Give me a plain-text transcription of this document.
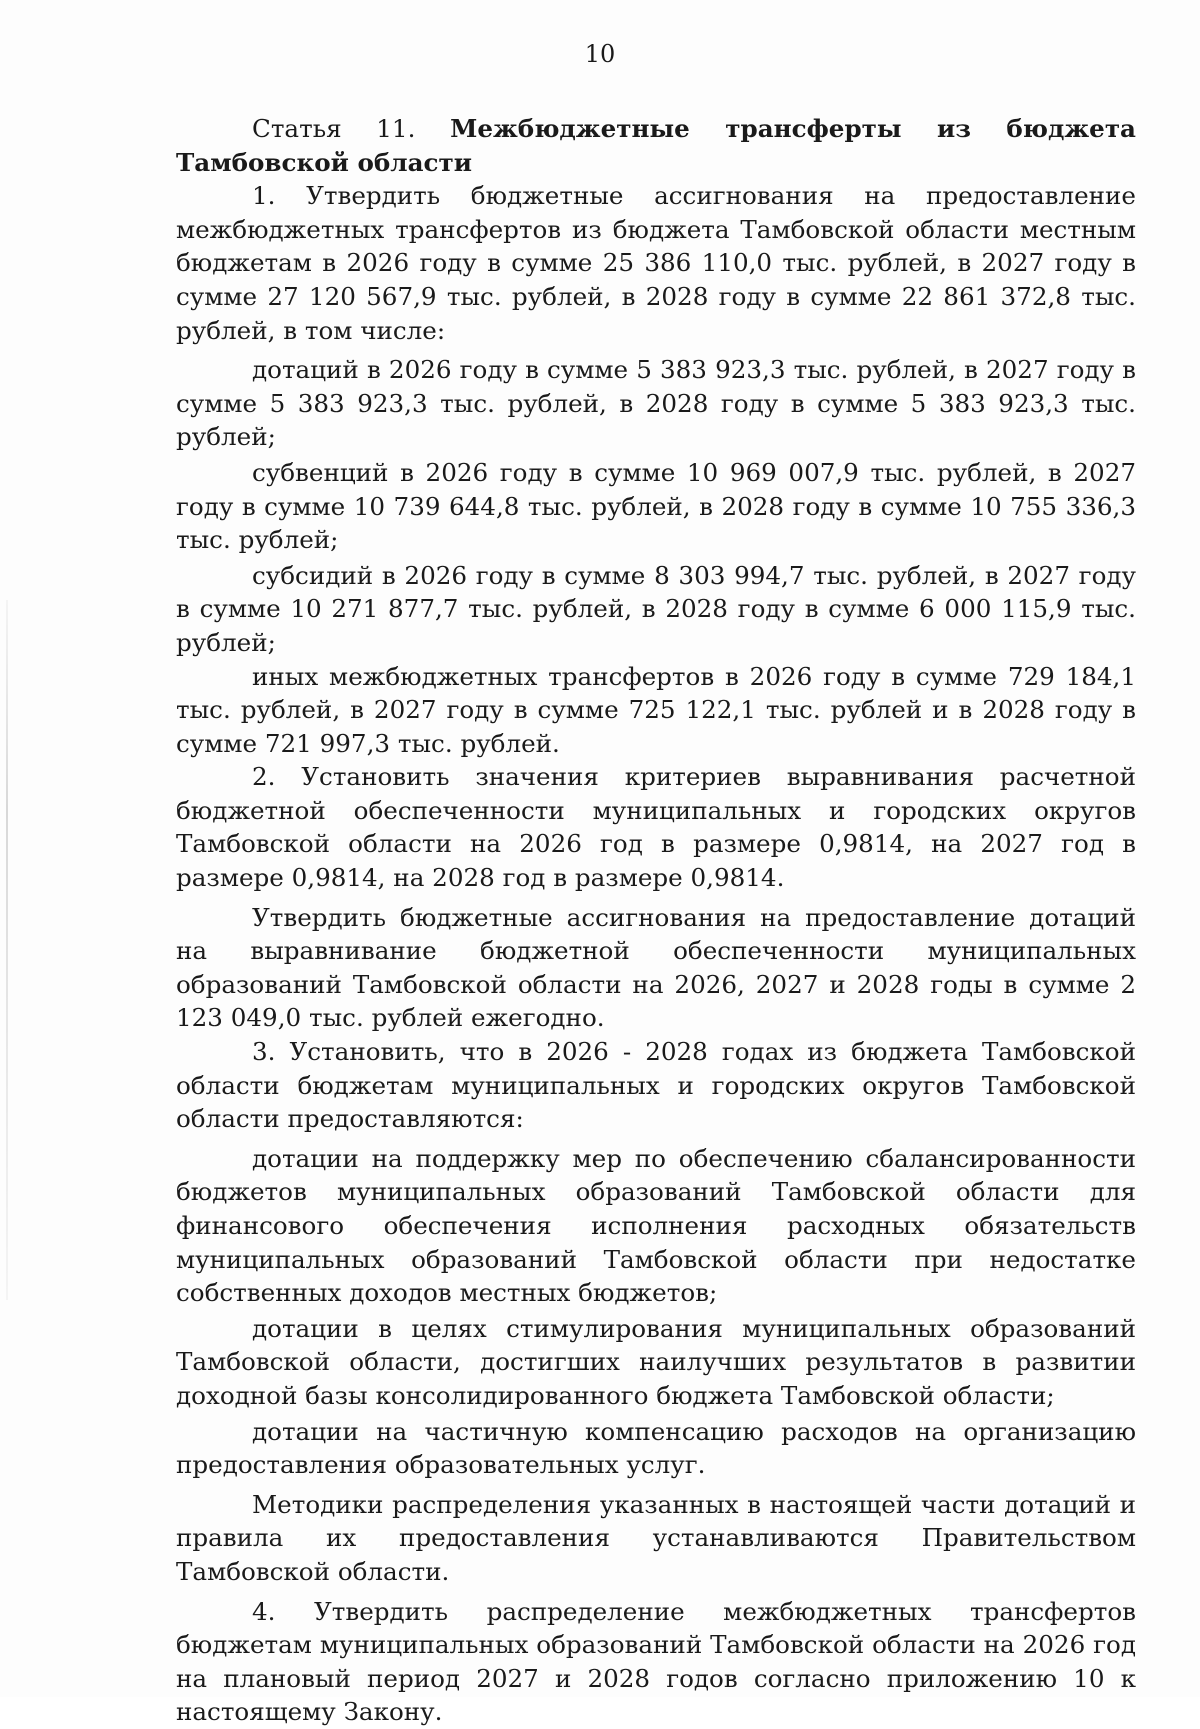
10

Статья 11. Межбюджетные трансферты из бюджета Тамбовской области

1. Утвердить бюджетные ассигнования на предоставление межбюджетных трансфертов из бюджета Тамбовской области местным бюджетам в 2026 году в сумме 25 386 110,0 тыс. рублей, в 2027 году в сумме 27 120 567,9 тыс. рублей, в 2028 году в сумме 22 861 372,8 тыс. рублей, в том числе:

дотаций в 2026 году в сумме 5 383 923,3 тыс. рублей, в 2027 году в сумме 5 383 923,3 тыс. рублей, в 2028 году в сумме 5 383 923,3 тыс. рублей;

субвенций в 2026 году в сумме 10 969 007,9 тыс. рублей, в 2027 году в сумме 10 739 644,8 тыс. рублей, в 2028 году в сумме 10 755 336,3 тыс. рублей;

субсидий в 2026 году в сумме 8 303 994,7 тыс. рублей, в 2027 году в сумме 10 271 877,7 тыс. рублей, в 2028 году в сумме 6 000 115,9 тыс. рублей;

иных межбюджетных трансфертов в 2026 году в сумме 729 184,1 тыс. рублей, в 2027 году в сумме 725 122,1 тыс. рублей и в 2028 году в сумме 721 997,3 тыс. рублей.

2. Установить значения критериев выравнивания расчетной бюджетной обеспеченности муниципальных и городских округов Тамбовской области на 2026 год в размере 0,9814, на 2027 год в размере 0,9814, на 2028 год в размере 0,9814.

Утвердить бюджетные ассигнования на предоставление дотаций на выравнивание бюджетной обеспеченности муниципальных образований Тамбовской области на 2026, 2027 и 2028 годы в сумме 2 123 049,0 тыс. рублей ежегодно.

3. Установить, что в 2026 - 2028 годах из бюджета Тамбовской области бюджетам муниципальных и городских округов Тамбовской области предоставляются:

дотации на поддержку мер по обеспечению сбалансированности бюджетов муниципальных образований Тамбовской области для финансового обеспечения исполнения расходных обязательств муниципальных образований Тамбовской области при недостатке собственных доходов местных бюджетов;

дотации в целях стимулирования муниципальных образований Тамбовской области, достигших наилучших результатов в развитии доходной базы консолидированного бюджета Тамбовской области;

дотации на частичную компенсацию расходов на организацию предоставления образовательных услуг.

Методики распределения указанных в настоящей части дотаций и правила их предоставления устанавливаются Правительством Тамбовской области.

4. Утвердить распределение межбюджетных трансфертов бюджетам муниципальных образований Тамбовской области на 2026 год на плановый период 2027 и 2028 годов согласно приложению 10 к настоящему Закону.
